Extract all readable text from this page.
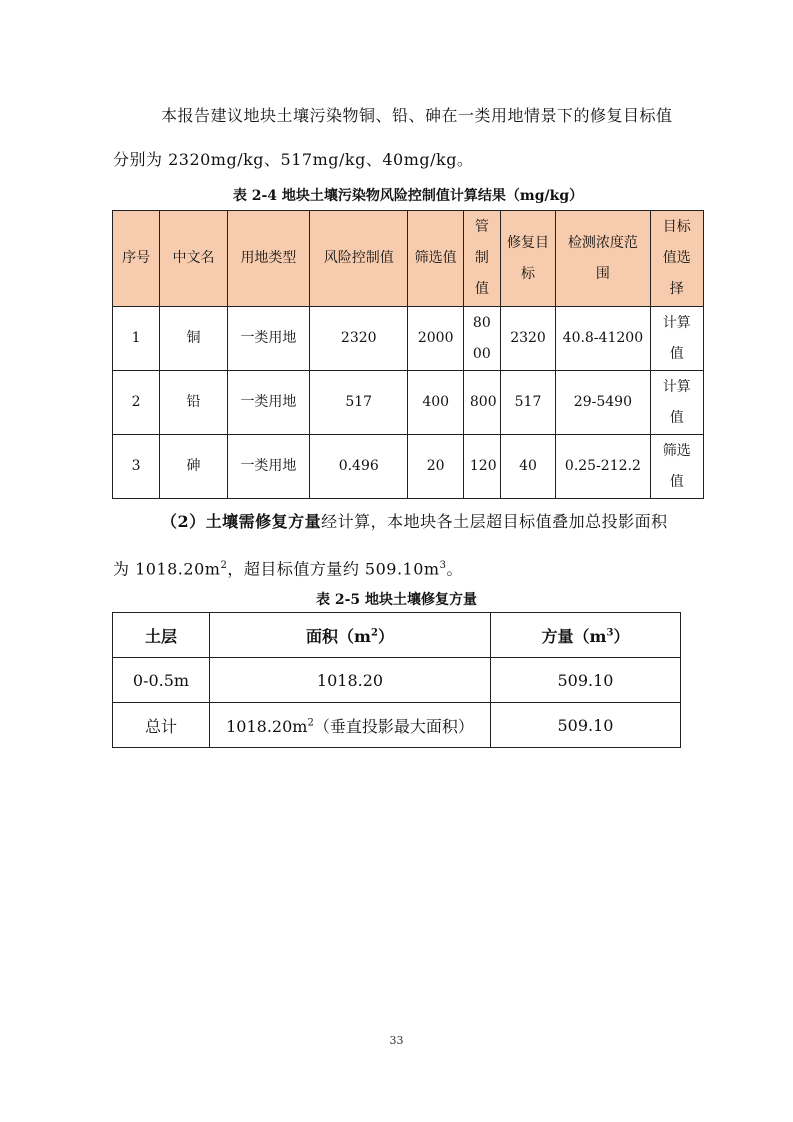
本报告建议地块土壤污染物铜、铅、砷在一类用地情景下的修复目标值分别为 2320mg/kg、517mg/kg、40mg/kg。
表 2-4 地块土壤污染物风险控制值计算结果（mg/kg）
序号	中文名	用地类型	风险控制值	筛选值	管制值	修复目标	检测浓度范围	目标值选择
1	铜	一类用地	2320	2000	8000	2320	40.8-41200	计算值
2	铅	一类用地	517	400	800	517	29-5490	计算值
3	砷	一类用地	0.496	20	120	40	0.25-212.2	筛选值
（2）土壤需修复方量经计算，本地块各土层超目标值叠加总投影面积为 $1018.20m^2$，超目标值方量约 $509.10m^3$。
表 2-5 地块土壤修复方量
土层	面积$(m^2)$	方量$(m^3)$
0-0.5m	1018.20	509.10
总计	$1018.20m^2$（垂直投影最大面积）	509.10
33
